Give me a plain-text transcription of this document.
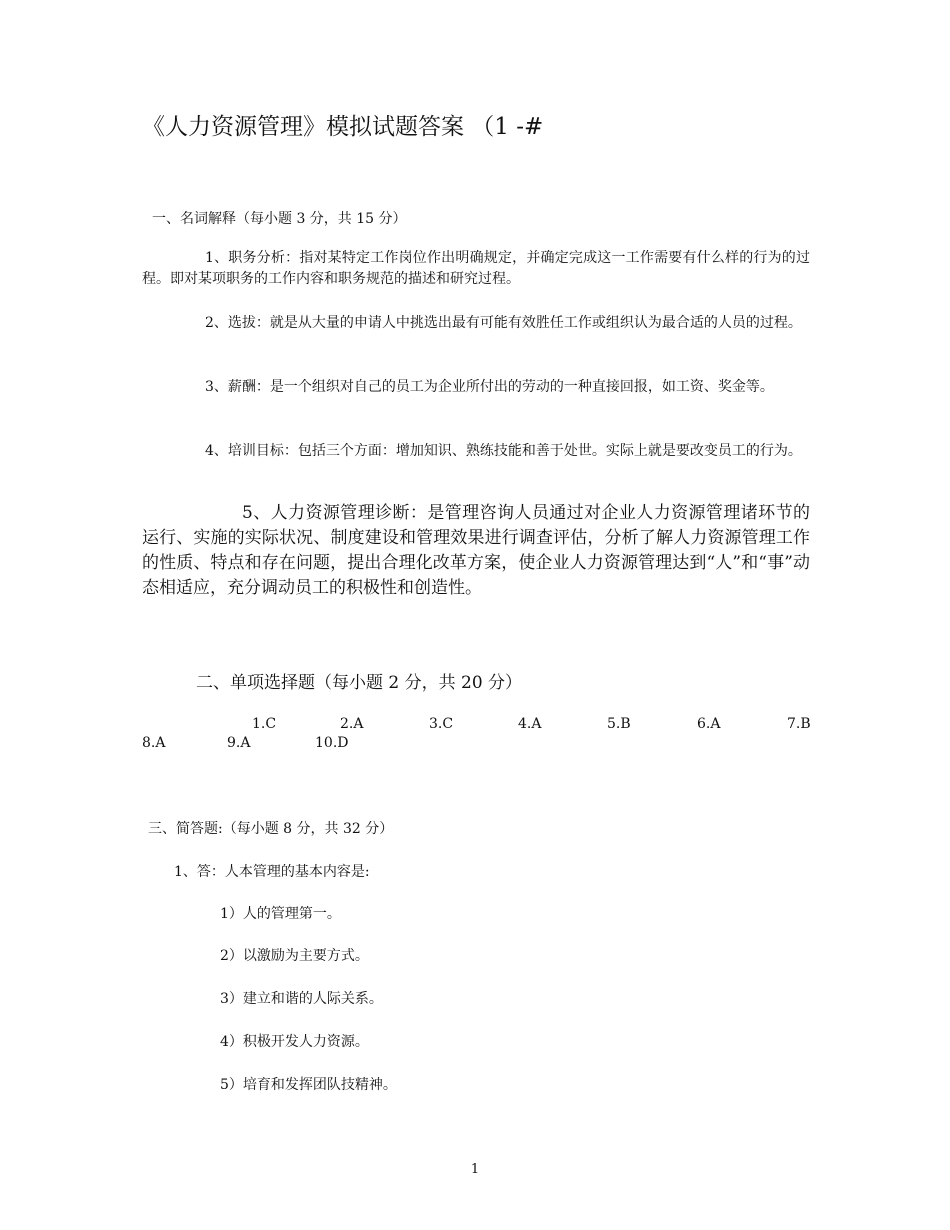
《人力资源管理》模拟试题答案 （1 -#
一、名词解释（每小题 3 分，共 15 分）
1、职务分析：指对某特定工作岗位作出明确规定，并确定完成这一工作需要有什么样的行为的过程。即对某项职务的工作内容和职务规范的描述和研究过程。
2、选拔：就是从大量的申请人中挑选出最有可能有效胜任工作或组织认为最合适的人员的过程。
3、薪酬：是一个组织对自己的员工为企业所付出的劳动的一种直接回报，如工资、奖金等。
4、培训目标：包括三个方面：增加知识、熟练技能和善于处世。实际上就是要改变员工的行为。
5、人力资源管理诊断：是管理咨询人员通过对企业人力资源管理诸环节的运行、实施的实际状况、制度建设和管理效果进行调查评估，分析了解人力资源管理工作的性质、特点和存在问题，提出合理化改革方案，使企业人力资源管理达到“人”和“事”动态相适应，充分调动员工的积极性和创造性。
二、单项选择题（每小题 2 分，共 20 分）
1.C	2.A	3.C	4.A	5.B	6.A	7.B
8.A	9.A	10.D
三、简答题:（每小题 8 分，共 32 分）
1、答：人本管理的基本内容是:
1）人的管理第一。
2）以激励为主要方式。
3）建立和谐的人际关系。
4）积极开发人力资源。
5）培育和发挥团队技精神。
1
